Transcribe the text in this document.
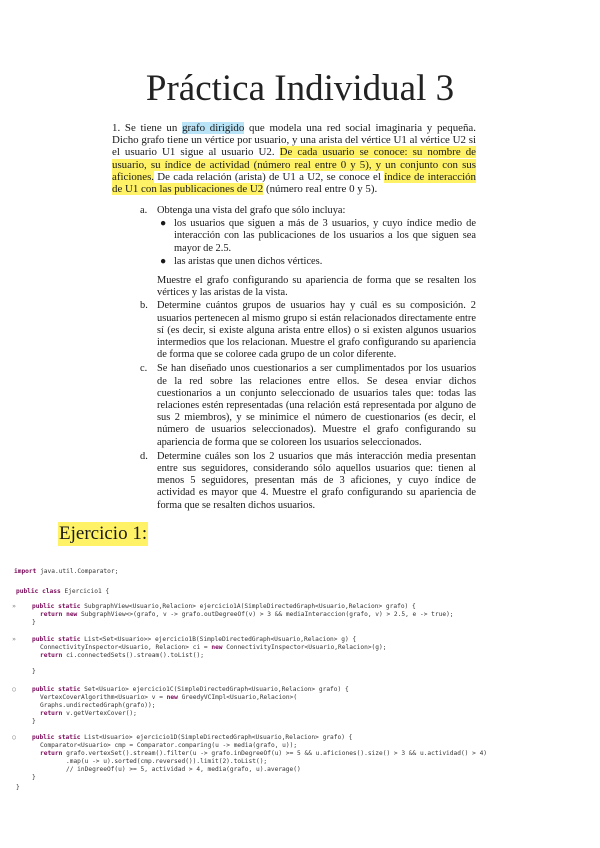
Práctica Individual 3
1. Se tiene un grafo dirigido que modela una red social imaginaria y pequeña. Dicho grafo tiene un vértice por usuario, y una arista del vértice U1 al vértice U2 si el usuario U1 sigue al usuario U2. De cada usuario se conoce: su nombre de usuario, su índice de actividad (número real entre 0 y 5), y un conjunto con sus aficiones. De cada relación (arista) de U1 a U2, se conoce el índice de interacción de U1 con las publicaciones de U2 (número real entre 0 y 5).
a. Obtenga una vista del grafo que sólo incluya:
● los usuarios que siguen a más de 3 usuarios, y cuyo índice medio de interacción con las publicaciones de los usuarios a los que siguen sea mayor de 2.5.
● las aristas que unen dichos vértices.
Muestre el grafo configurando su apariencia de forma que se resalten los vértices y las aristas de la vista.
b. Determine cuántos grupos de usuarios hay y cuál es su composición. 2 usuarios pertenecen al mismo grupo si están relacionados directamente entre sí (es decir, si existe alguna arista entre ellos) o si existen algunos usuarios intermedios que los relacionan. Muestre el grafo configurando su apariencia de forma que se coloree cada grupo de un color diferente.
c. Se han diseñado unos cuestionarios a ser cumplimentados por los usuarios de la red sobre las relaciones entre ellos. Se desea enviar dichos cuestionarios a un conjunto seleccionado de usuarios tales que: todas las relaciones estén representadas (una relación está representada por alguno de sus 2 miembros), y se minimice el número de cuestionarios (es decir, el número de usuarios seleccionados). Muestre el grafo configurando su apariencia de forma que se coloreen los usuarios seleccionados.
d. Determine cuáles son los 2 usuarios que más interacción media presentan entre sus seguidores, considerando sólo aquellos usuarios que: tienen al menos 5 seguidores, presentan más de 3 aficiones, y cuyo índice de actividad es mayor que 4. Muestre el grafo configurando su apariencia de forma que se resalten dichos usuarios.
Ejercicio 1:
import java.util.Comparator;
public class Ejercicio1 {
»	public static SubgraphView<Usuario,Relacion> ejercicio1A(SimpleDirectedGraph<Usuario,Relacion> grafo) {
return new SubgraphView<>(grafo, v -> grafo.outDegreeOf(v) > 3 && mediaInteraccion(grafo, v) > 2.5, e -> true);
}
»	public static List<Set<Usuario>> ejercicio1B(SimpleDirectedGraph<Usuario,Relacion> g) {
ConnectivityInspector<Usuario, Relacion> ci = new ConnectivityInspector<Usuario,Relacion>(g);
return ci.connectedSets().stream().toList();
}
○	public static Set<Usuario> ejercicio1C(SimpleDirectedGraph<Usuario,Relacion> grafo) {
VertexCoverAlgorithm<Usuario> v = new GreedyVCImpl<Usuario,Relacion>(
Graphs.undirectedGraph(grafo));
return v.getVertexCover();
}
○	public static List<Usuario> ejercicio1D(SimpleDirectedGraph<Usuario,Relacion> grafo) {
Comparator<Usuario> cmp = Comparator.comparing(u -> media(grafo, u));
return grafo.vertexSet().stream().filter(u -> grafo.inDegreeOf(u) >= 5 && u.aficiones().size() > 3 && u.actividad() > 4)
.map(u -> u).sorted(cmp.reversed()).limit(2).toList();
// inDegreeOf(u) >= 5, actividad > 4, media(grafo, u).average()
}
}
